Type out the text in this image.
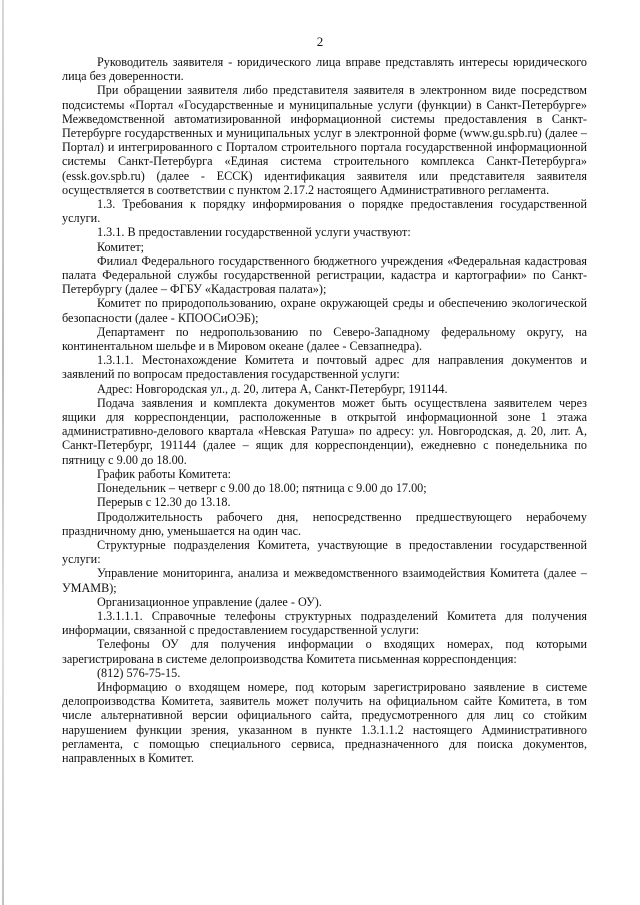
2

Руководитель заявителя - юридического лица вправе представлять интересы юридического лица без доверенности.

При обращении заявителя либо представителя заявителя в электронном виде посредством подсистемы «Портал «Государственные и муниципальные услуги (функции) в Санкт-Петербурге» Межведомственной автоматизированной информационной системы предоставления в Санкт-Петербурге государственных и муниципальных услуг в электронной форме (www.gu.spb.ru) (далее – Портал) и интегрированного с Порталом строительного портала государственной информационной системы Санкт-Петербурга «Единая система строительного комплекса Санкт-Петербурга» (essk.gov.spb.ru) (далее - ЕССК) идентификация заявителя или представителя заявителя осуществляется в соответствии с пунктом 2.17.2 настоящего Административного регламента.

1.3. Требования к порядку информирования о порядке предоставления государственной услуги.

1.3.1. В предоставлении государственной услуги участвуют:

Комитет;

Филиал Федерального государственного бюджетного учреждения «Федеральная кадастровая палата Федеральной службы государственной регистрации, кадастра и картографии» по Санкт-Петербургу (далее – ФГБУ «Кадастровая палата»);

Комитет по природопользованию, охране окружающей среды и обеспечению экологической безопасности (далее - КПООСиОЭБ);

Департамент по недропользованию по Северо-Западному федеральному округу, на континентальном шельфе и в Мировом океане (далее - Севзапнедра).

1.3.1.1. Местонахождение Комитета и почтовый адрес для направления документов и заявлений по вопросам предоставления государственной услуги:

Адрес: Новгородская ул., д. 20, литера А, Санкт-Петербург, 191144.

Подача заявления и комплекта документов может быть осуществлена заявителем через ящики для корреспонденции, расположенные в открытой информационной зоне 1 этажа административно-делового квартала «Невская Ратуша» по адресу: ул. Новгородская, д. 20, лит. А, Санкт-Петербург, 191144 (далее – ящик для корреспонденции), ежедневно с понедельника по пятницу с 9.00 до 18.00.

График работы Комитета:

Понедельник – четверг с 9.00 до 18.00; пятница с 9.00 до 17.00;

Перерыв с 12.30 до 13.18.

Продолжительность рабочего дня, непосредственно предшествующего нерабочему праздничному дню, уменьшается на один час.

Структурные подразделения Комитета, участвующие в предоставлении государственной услуги:

Управление мониторинга, анализа и межведомственного взаимодействия Комитета (далее – УМАМВ);

Организационное управление (далее - ОУ).

1.3.1.1.1. Справочные телефоны структурных подразделений Комитета для получения информации, связанной с предоставлением государственной услуги:

Телефоны ОУ для получения информации о входящих номерах, под которыми зарегистрирована в системе делопроизводства Комитета письменная корреспонденция:

(812) 576-75-15.

Информацию о входящем номере, под которым зарегистрировано заявление в системе делопроизводства Комитета, заявитель может получить на официальном сайте Комитета, в том числе альтернативной версии официального сайта, предусмотренного для лиц со стойким нарушением функции зрения, указанном в пункте 1.3.1.1.2 настоящего Административного регламента, с помощью специального сервиса, предназначенного для поиска документов, направленных в Комитет.
